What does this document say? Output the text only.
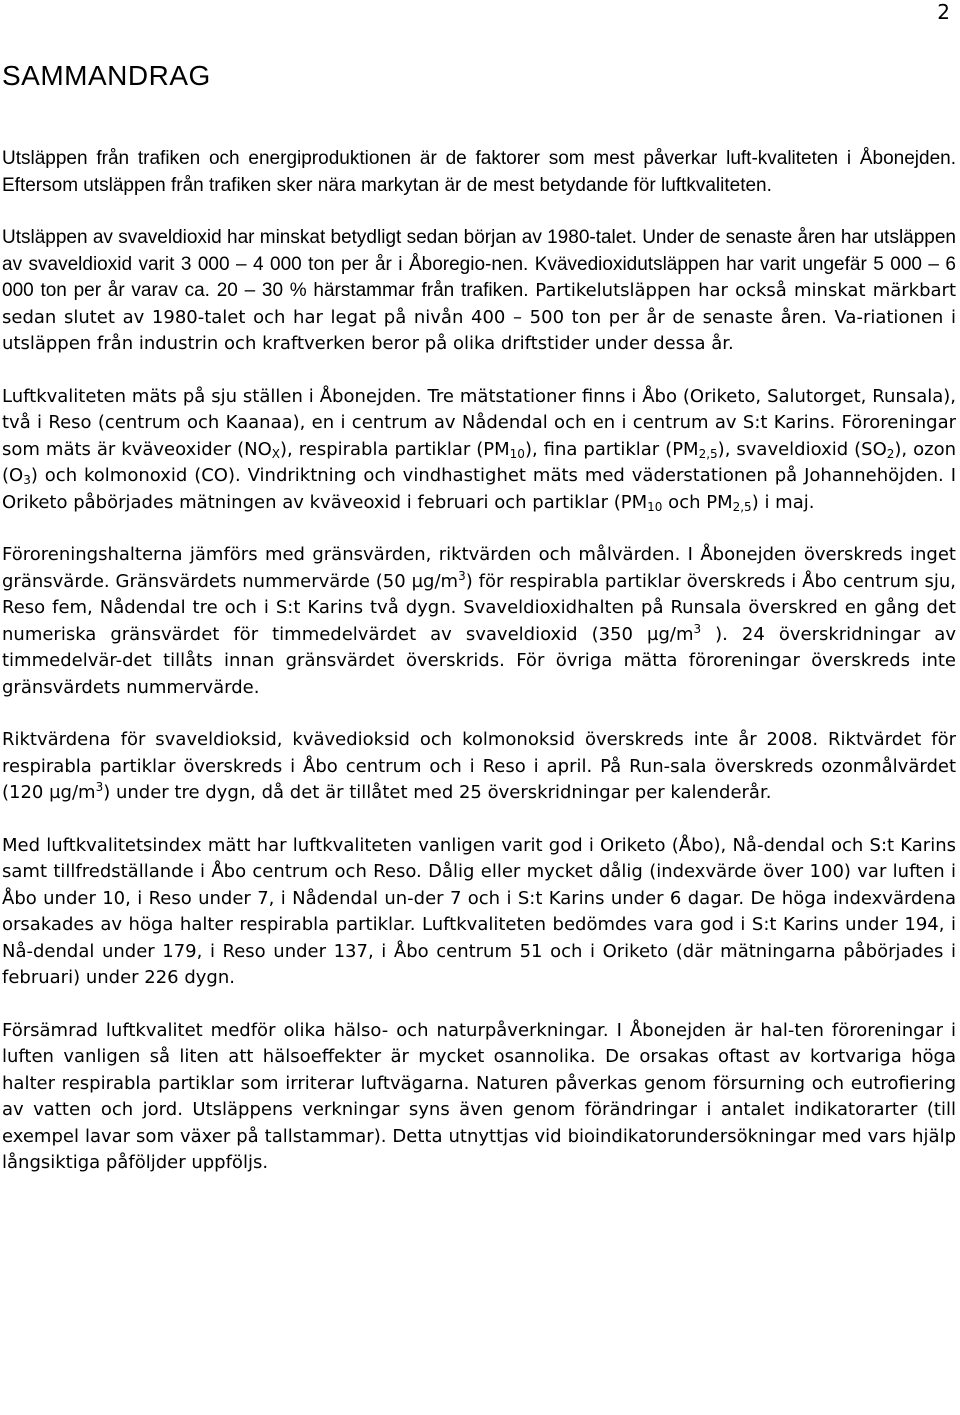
2
SAMMANDRAG

Utsläppen från trafiken och energiproduktionen är de faktorer som mest påverkar luft-kvaliteten i Åbonejden. Eftersom utsläppen från trafiken sker nära markytan är de mest betydande för luftkvaliteten.

Utsläppen av svaveldioxid har minskat betydligt sedan början av 1980-talet. Under de senaste åren har utsläppen av svaveldioxid varit 3 000 – 4 000 ton per år i Åboregio-nen. Kvävedioxidutsläppen har varit ungefär 5 000 – 6 000 ton per år varav ca. 20 – 30 % härstammar från trafiken. Partikelutsläppen har också minskat märkbart sedan slutet av 1980-talet och har legat på nivån 400 – 500 ton per år de senaste åren. Va-riationen i utsläppen från industrin och kraftverken beror på olika driftstider under dessa år.

Luftkvaliteten mäts på sju ställen i Åbonejden. Tre mätstationer finns i Åbo (Oriketo, Salutorget, Runsala), två i Reso (centrum och Kaanaa), en i centrum av Nådendal och en i centrum av S:t Karins. Föroreningar som mäts är kväveoxider $(NO_X)$, respirabla partiklar $(PM_{10})$, fina partiklar $(PM_{2,5})$, svaveldioxid $(SO_2)$, ozon $(O_3)$ och kolmonoxid (CO). Vindriktning och vindhastighet mäts med väderstationen på Johannehöjden. I Oriketo påbörjades mätningen av kväveoxid i februari och partiklar ($PM_{10}$ och $PM_{2,5}$) i maj.

Föroreningshalterna jämförs med gränsvärden, riktvärden och målvärden. I Åbonejden överskreds inget gränsvärde. Gränsvärdets nummervärde (50 $\mu g/m^3$) för respirabla partiklar överskreds i Åbo centrum sju, Reso fem, Nådendal tre och i S:t Karins två dygn. Svaveldioxidhalten på Runsala överskred en gång det numeriska gränsvärdet för timmedelvärdet av svaveldioxid (350 $\mu g/m^3$ ). 24 överskridningar av timmedelvär-det tillåts innan gränsvärdet överskrids. För övriga mätta föroreningar överskreds inte gränsvärdets nummervärde.

Riktvärdena för svaveldioksid, kvävedioksid och kolmonoksid överskreds inte år 2008. Riktvärdet för respirabla partiklar överskreds i Åbo centrum och i Reso i april. På Run-sala överskreds ozonmålvärdet (120 $\mu g/m^3$) under tre dygn, då det är tillåtet med 25 överskridningar per kalenderår.

Med luftkvalitetsindex mätt har luftkvaliteten vanligen varit god i Oriketo (Åbo), Nå-dendal och S:t Karins samt tillfredställande i Åbo centrum och Reso. Dålig eller mycket dålig (indexvärde över 100) var luften i Åbo under 10, i Reso under 7, i Nådendal un-der 7 och i S:t Karins under 6 dagar. De höga indexvärdena orsakades av höga halter respirabla partiklar. Luftkvaliteten bedömdes vara god i S:t Karins under 194, i Nå-dendal under 179, i Reso under 137, i Åbo centrum 51 och i Oriketo (där mätningarna påbörjades i februari) under 226 dygn.

Försämrad luftkvalitet medför olika hälso- och naturpåverkningar. I Åbonejden är hal-ten föroreningar i luften vanligen så liten att hälsoeffekter är mycket osannolika. De orsakas oftast av kortvariga höga halter respirabla partiklar som irriterar luftvägarna. Naturen påverkas genom försurning och eutrofiering av vatten och jord. Utsläppens verkningar syns även genom förändringar i antalet indikatorarter (till exempel lavar som växer på tallstammar). Detta utnyttjas vid bioindikatorundersökningar med vars hjälp långsiktiga påföljder uppföljs.
